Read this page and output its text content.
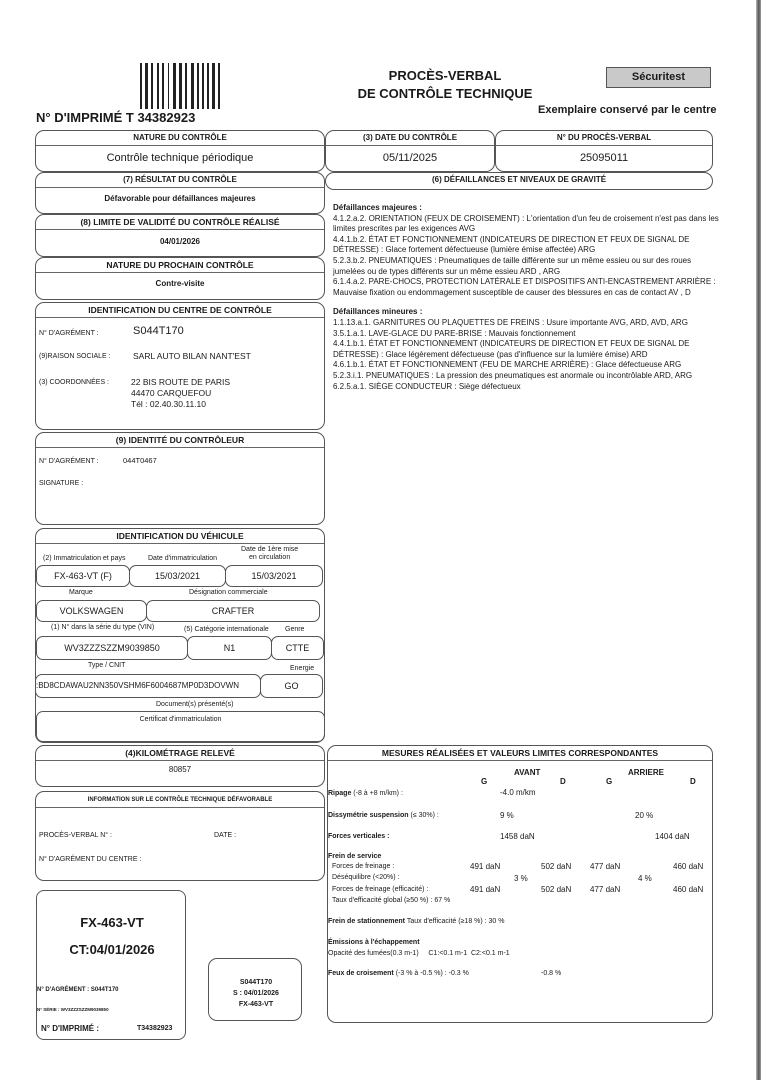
N° D'IMPRIMÉ T 34382923
PROCÈS-VERBAL
DE CONTRÔLE TECHNIQUE
Sécuritest
Exemplaire conservé par le centre
NATURE DU CONTRÔLE
Contrôle technique périodique
(3) DATE DU CONTRÔLE
05/11/2025
N° DU PROCÈS-VERBAL
25095011
(7) RÉSULTAT DU CONTRÔLE
Défavorable pour défaillances majeures
(6) DÉFAILLANCES ET NIVEAUX DE GRAVITÉ
(8) LIMITE DE VALIDITÉ DU CONTRÔLE RÉALISÉ
04/01/2026
NATURE DU PROCHAIN CONTRÔLE
Contre-visite
IDENTIFICATION DU CENTRE DE CONTRÔLE
N° D'AGRÉMENT :	S044T170
(9)RAISON SOCIALE :	SARL AUTO BILAN NANT'EST
(3) COORDONNÉES :	22 BIS ROUTE DE PARIS
44470 CARQUEFOU
Tél : 02.40.30.11.10
(9) IDENTITÉ DU CONTRÔLEUR
N° D'AGRÉMENT :	044T0467
SIGNATURE :
IDENTIFICATION DU VÉHICULE
(2) Immatriculation et pays	Date d'immatriculation
Date de 1ère mise
en circulation
FX-463-VT (F)	15/03/2021	15/03/2021
Marque	Désignation commerciale
VOLKSWAGEN	CRAFTER
(1) N° dans la série du type (VIN)	(5) Catégorie internationale Genre
WV3ZZZSZZM9039850	N1	CTTE
Type / CNIT	Energie
:BD8CDAWAU2NN350VSHM6F6004687MP0D3DOVWN	GO
Document(s) présenté(s)
Certificat d'immatriculation
(4)KILOMÉTRAGE RELEVÉ
80857
INFORMATION SUR LE CONTRÔLE TECHNIQUE DÉFAVORABLE
PROCÈS-VERBAL N° :	DATE :
N° D'AGRÉMENT DU CENTRE :
FX-463-VT
CT:04/01/2026
N° D'AGRÉMENT : S044T170
N° SÉRIE : WV3ZZZSZZM9039850
N° D'IMPRIMÉ :	T34382923
S044T170
S : 04/01/2026
FX-463-VT

Défaillances majeures :

4.1.2.a.2. ORIENTATION (FEUX DE CROISEMENT) : L'orientation d'un feu de croisement n'est pas dans les limites prescrites par les exigences AVG

4.4.1.b.2. ÉTAT ET FONCTIONNEMENT (INDICATEURS DE DIRECTION ET FEUX DE SIGNAL DE DÉTRESSE) : Glace fortement défectueuse (lumière émise affectée) ARG

5.2.3.b.2. PNEUMATIQUES : Pneumatiques de taille différente sur un même essieu ou sur des roues jumelées ou de types différents sur un même essieu ARD , ARG

6.1.4.a.2. PARE-CHOCS, PROTECTION LATÉRALE ET DISPOSITIFS ANTI-ENCASTREMENT ARRIÈRE : Mauvaise fixation ou endommagement susceptible de causer des blessures en cas de contact AV , D

Défaillances mineures :

1.1.13.a.1. GARNITURES OU PLAQUETTES DE FREINS : Usure importante AVG, ARD, AVD, ARG

3.5.1.a.1. LAVE-GLACE DU PARE-BRISE : Mauvais fonctionnement

4.4.1.b.1. ÉTAT ET FONCTIONNEMENT (INDICATEURS DE DIRECTION ET FEUX DE SIGNAL DE DÉTRESSE) : Glace légèrement défectueuse (pas d'influence sur la lumière émise) ARD

4.6.1.b.1. ÉTAT ET FONCTIONNEMENT (FEU DE MARCHE ARRIÈRE) : Glace défectueuse ARG

5.2.3.i.1. PNEUMATIQUES : La pression des pneumatiques est anormale ou incontrôlable ARD, ARG

6.2.5.a.1. SIÈGE CONDUCTEUR : Siège défectueux

MESURES RÉALISÉES ET VALEURS LIMITES CORRESPONDANTES
AVANT	ARRIERE
G	D	G	D
Ripage (-8 à +8 m/km) :	-4.0 m/km
Dissymétrie suspension (≤ 30%) :	9 %	20 %
Forces verticales :	1458 daN	1404 daN
Frein de service
Forces de freinage :	491 daN	502 daN 477 daN	460 daN
Déséquilibre (<20%) :	3 %	4 %
Forces de freinage (efficacité) :	491 daN	502 daN 477 daN	460 daN
Taux d'efficacité global (≥50 %) : 67 %
Frein de stationnement Taux d'efficacité (≥18 %) : 30 %
Émissions à l'échappement
Opacité des fumées(0.3 m-1)     C1:<0.1 m-1  C2:<0.1 m-1
Feux de croisement (-3 % à -0.5 %) : -0.3 %	-0.8 %
